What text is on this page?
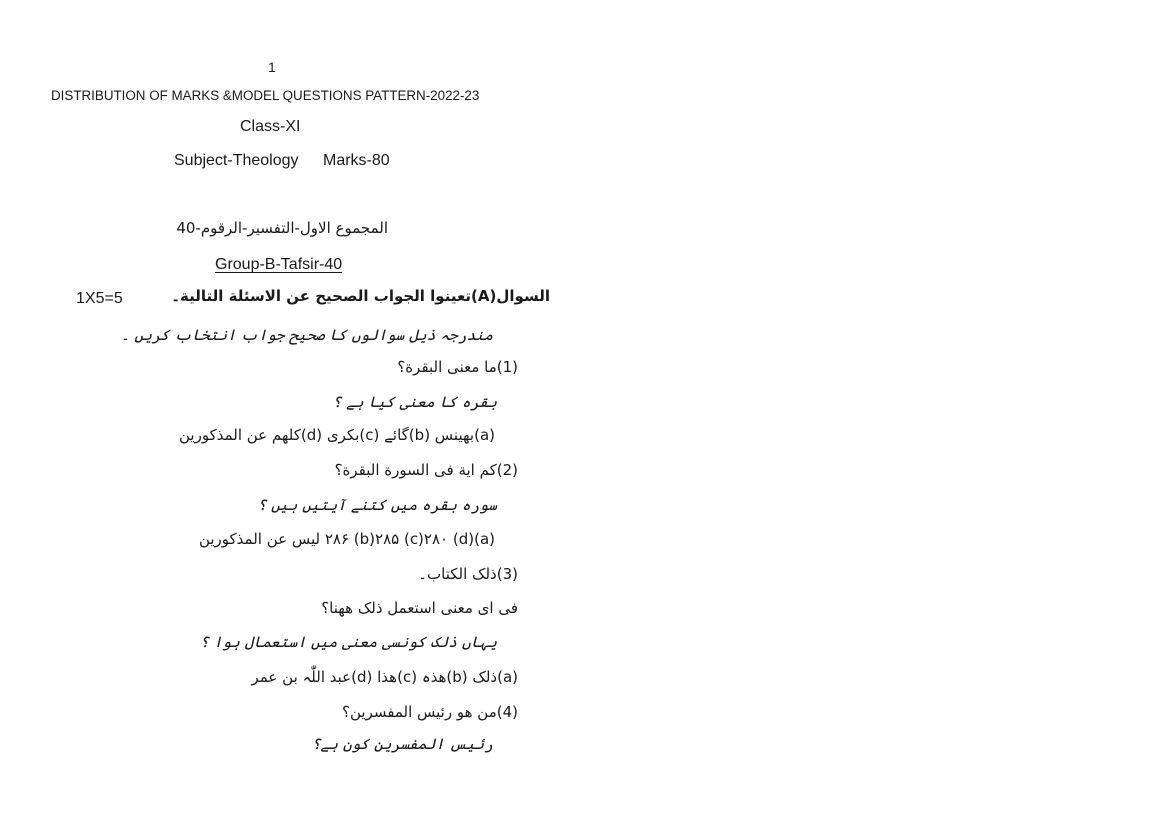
1
DISTRIBUTION OF MARKS &MODEL QUESTIONS PATTERN-2022-23
Class-XI
Subject-Theology Marks-80
المجموع الاول-التفسير-الرقوم-40
Group-B-Tafsir-40
1X5=5	السوال(A)تعینوا الجواب الصحیح عن الاسئلة التالیة۔
مندرجہ ذیل سوالوں کا صحیح جواب انتخاب کریں ۔
(1)ما معنی البقرة؟
بقرہ کا معنی کیا ہے ؟
(a)بھینس (b)گائے (c)بکری (d)کلھم عن المذکورین
(2)کم ایة فی السورة البقرة؟
سورہ بقرہ میں کتنے آیتیں ہیں ؟
(a)۲۸۶ (b)۲۸۵ (c)۲۸۰ (d) لیس عن المذکورین
(3)ذلک الکتاب۔
فی ای معنی استعمل ذلک ھھنا؟
یہاں ذلک کونسی معنی میں استعمال ہوا ؟
(a)ذلک (b)ھذہ (c)ھذا (d)عبد اللّٰہ بن عمر
(4)من ھو رئیس المفسرین؟
رئیس المفسرین کون ہے؟
